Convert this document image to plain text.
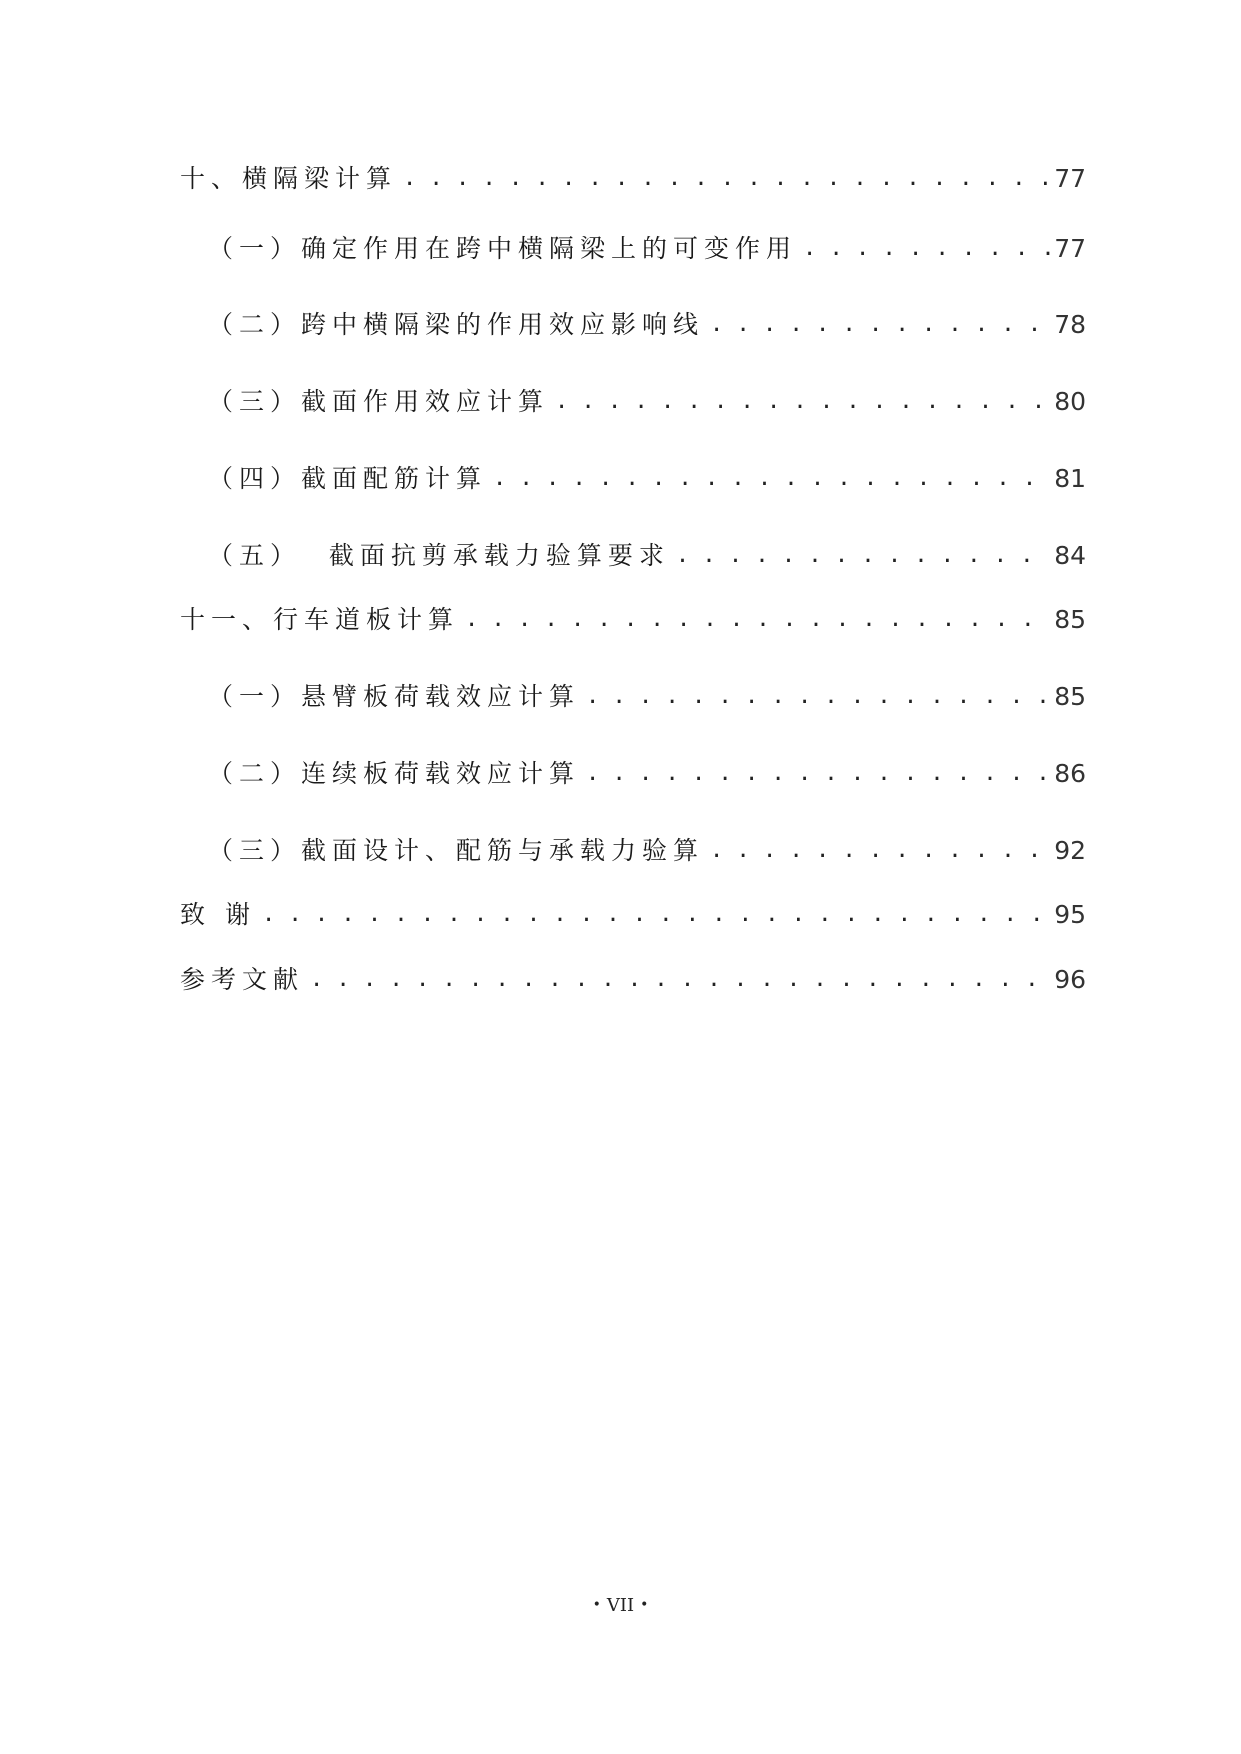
十、横隔梁计算 . . .	77
（一）确定作用在跨中横隔梁上的可变作用 . . .	77
（二）跨中横隔梁的作用效应影响线 . . .	78
（三）截面作用效应计算 . . .	80
（四）截面配筋计算 . . .	81
（五）  截面抗剪承载力验算要求 . . .	84
十一、行车道板计算 . . .	85
（一）悬臂板荷载效应计算 . . .	85
（二）连续板荷载效应计算 . . .	86
（三）截面设计、配筋与承载力验算 . . .	92
致 谢 . . .	95
参考文献 . . .	96
• VII •
